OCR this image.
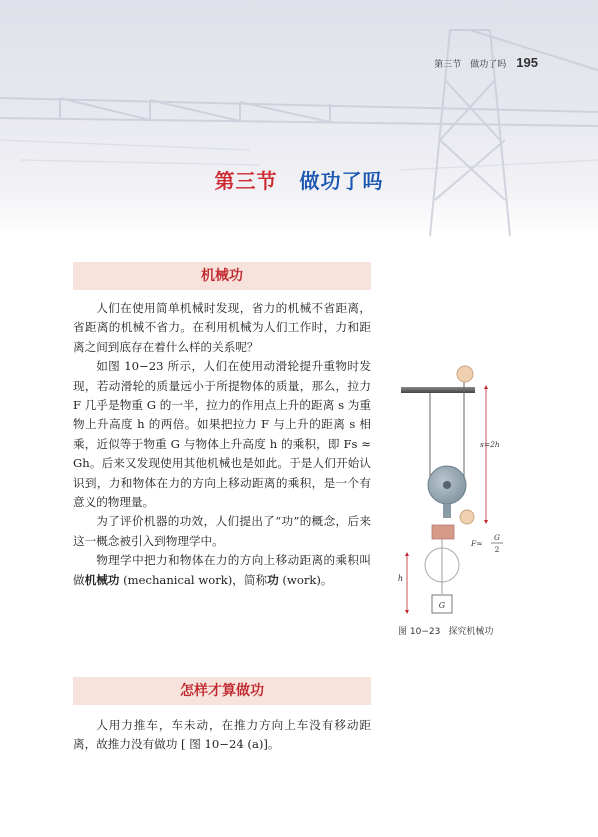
第三节　做功了吗 195
第三节 做功了吗
机械功

人们在使用简单机械时发现，省力的机械不省距离，省距离的机械不省力。在利用机械为人们工作时，力和距离之间到底存在着什么样的关系呢？

如图 10−23 所示，人们在使用动滑轮提升重物时发现，若动滑轮的质量远小于所提物体的质量，那么，拉力 F 几乎是物重 G 的一半，拉力的作用点上升的距离 s 为重物上升高度 h 的两倍。如果把拉力 F 与上升的距离 s 相乘，近似等于物重 G 与物体上升高度 h 的乘积，即 Fs ≈ Gh。后来又发现使用其他机械也是如此。于是人们开始认识到，力和物体在力的方向上移动距离的乘积，是一个有意义的物理量。

为了评价机器的功效，人们提出了“功”的概念，后来这一概念被引入到物理学中。

物理学中把力和物体在力的方向上移动距离的乘积叫做机械功 (mechanical work)，简称功 (work)。

怎样才算做功

人用力推车，车未动，在推力方向上车没有移动距离，故推力没有做功 [ 图 10−24 (a)]。

G
s=2h
F≈
G
2
h
图 10−23 探究机械功
